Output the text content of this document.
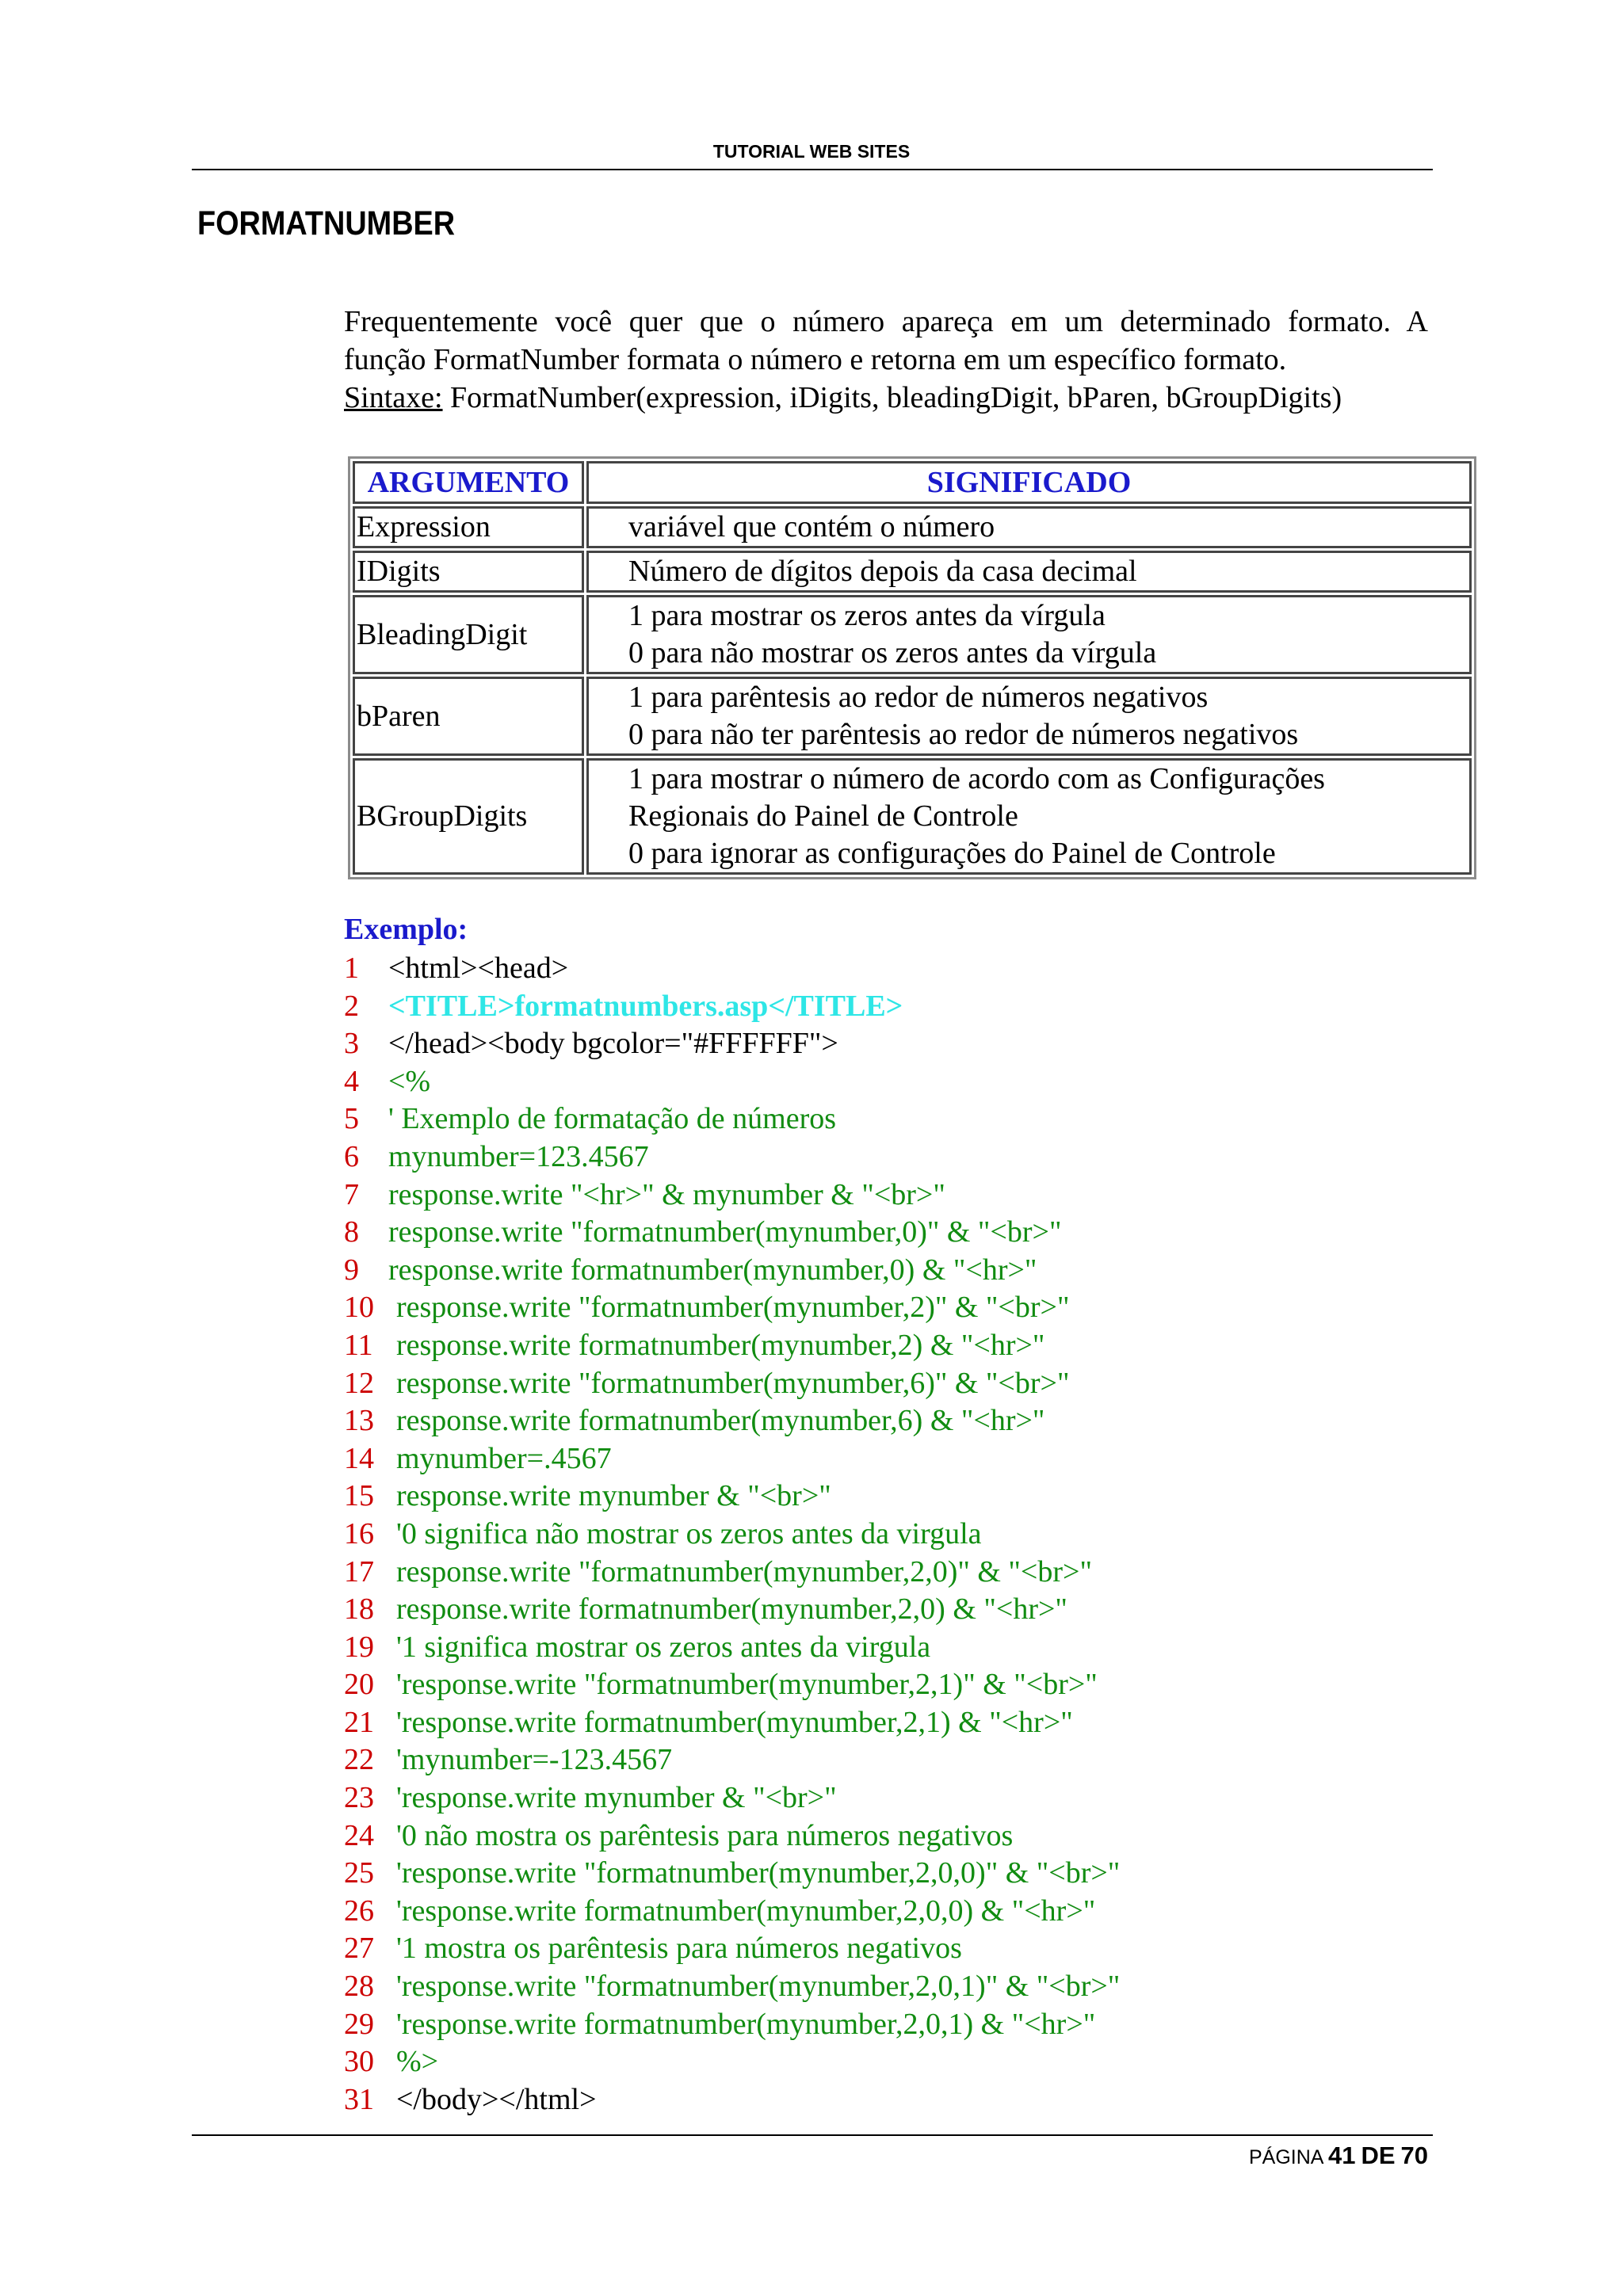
TUTORIAL WEB SITES
FORMATNUMBER

Frequentemente você quer que o número apareça em um determinado formato. A

função FormatNumber formata o número e retorna em um específico formato.

Sintaxe: FormatNumber(expression, iDigits, bleadingDigit, bParen, bGroupDigits)

ARGUMENTO	SIGNIFICADO
Expression	variável que contém o número

IDigits	Número de dígitos depois da casa decimal

BleadingDigit	1 para mostrar os zeros antes da vírgula
0 para não mostrar os zeros antes da vírgula

bParen	1 para parêntesis ao redor de números negativos
0 para não ter parêntesis ao redor de números negativos

BGroupDigits	1 para mostrar o número de acordo com as Configurações
Regionais do Painel de Controle
0 para ignorar as configurações do Painel de Controle
Exemplo:
1 <html><head>
2 <TITLE>formatnumbers.asp</TITLE>
3 </head><body bgcolor="#FFFFFF">
4 <%
5 ' Exemplo de formatação de números
6 mynumber=123.4567
7 response.write "<hr>" & mynumber & "<br>"
8 response.write "formatnumber(mynumber,0)" & "<br>"
9 response.write formatnumber(mynumber,0) & "<hr>"
10 response.write "formatnumber(mynumber,2)" & "<br>"
11 response.write formatnumber(mynumber,2) & "<hr>"
12 response.write "formatnumber(mynumber,6)" & "<br>"
13 response.write formatnumber(mynumber,6) & "<hr>"
14 mynumber=.4567
15 response.write mynumber & "<br>"
16 '0 significa não mostrar os zeros antes da virgula
17 response.write "formatnumber(mynumber,2,0)" & "<br>"
18 response.write formatnumber(mynumber,2,0) & "<hr>"
19 '1 significa mostrar os zeros antes da virgula
20 'response.write "formatnumber(mynumber,2,1)" & "<br>"
21 'response.write formatnumber(mynumber,2,1) & "<hr>"
22 'mynumber=-123.4567
23 'response.write mynumber & "<br>"
24 '0 não mostra os parêntesis para números negativos
25 'response.write "formatnumber(mynumber,2,0,0)" & "<br>"
26 'response.write formatnumber(mynumber,2,0,0) & "<hr>"
27 '1 mostra os parêntesis para números negativos
28 'response.write "formatnumber(mynumber,2,0,1)" & "<br>"
29 'response.write formatnumber(mynumber,2,0,1) & "<hr>"
30 %>
31 </body></html>
PÁGINA 41 DE 70
